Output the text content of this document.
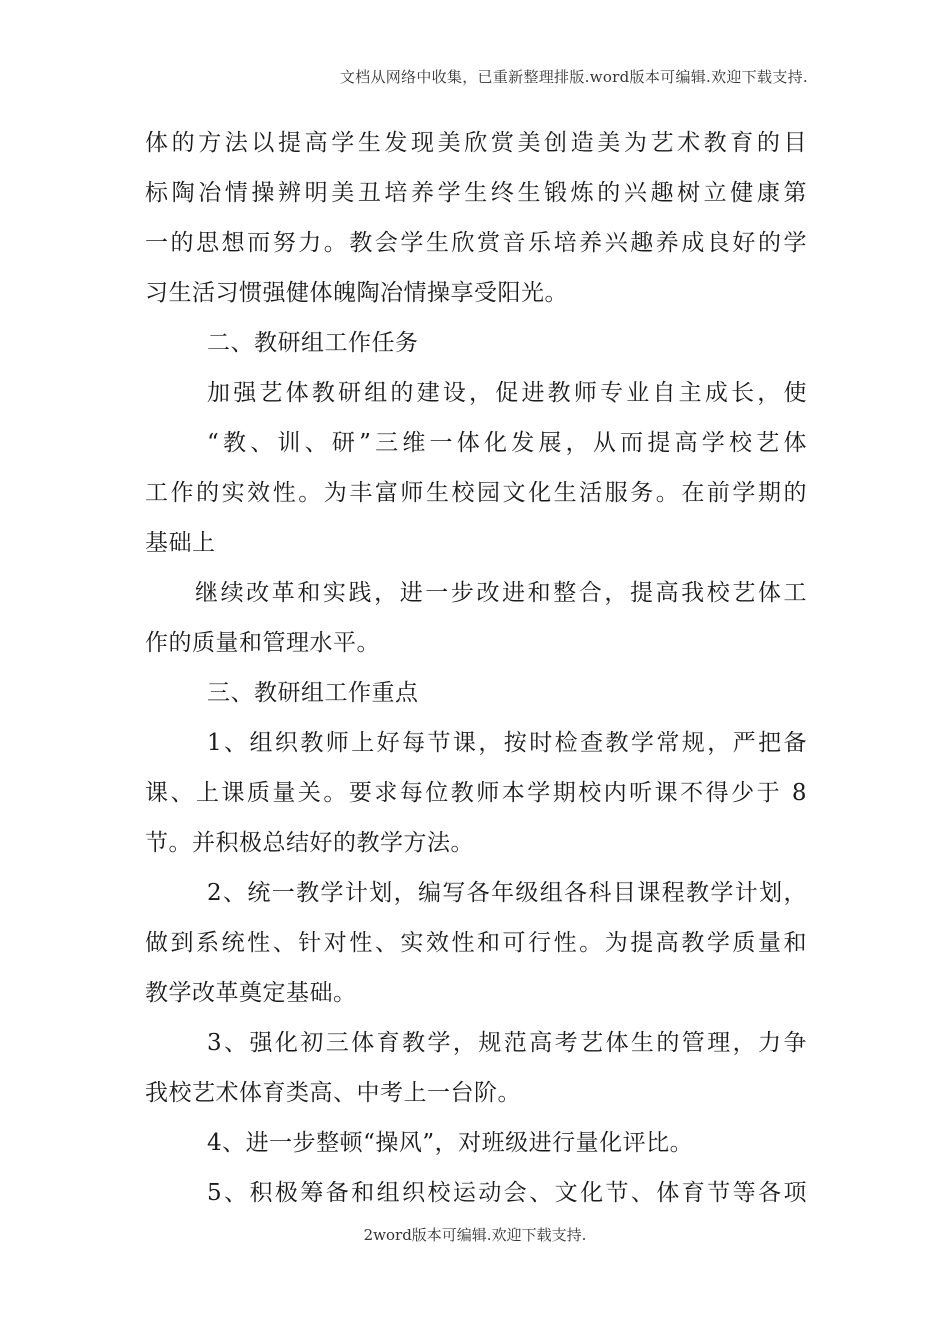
文档从网络中收集，已重新整理排版.word版本可编辑.欢迎下载支持.
体的方法以提高学生发现美欣赏美创造美为艺术教育的目
标陶冶情操辨明美丑培养学生终生锻炼的兴趣树立健康第
一的思想而努力。教会学生欣赏音乐培养兴趣养成良好的学
习生活习惯强健体魄陶冶情操享受阳光。
二、教研组工作任务
加强艺体教研组的建设，促进教师专业自主成长，使
“教、训、研”三维一体化发展，从而提高学校艺体
工作的实效性。为丰富师生校园文化生活服务。在前学期的
基础上
继续改革和实践，进一步改进和整合，提高我校艺体工
作的质量和管理水平。
三、教研组工作重点
1、组织教师上好每节课，按时检查教学常规，严把备
课、上课质量关。要求每位教师本学期校内听课不得少于 8
节。并积极总结好的教学方法。
2、统一教学计划，编写各年级组各科目课程教学计划，
做到系统性、针对性、实效性和可行性。为提高教学质量和
教学改革奠定基础。
3、强化初三体育教学，规范高考艺体生的管理，力争
我校艺术体育类高、中考上一台阶。
4、进一步整顿“操风”，对班级进行量化评比。
5、积极筹备和组织校运动会、文化节、体育节等各项
2word版本可编辑.欢迎下载支持.
